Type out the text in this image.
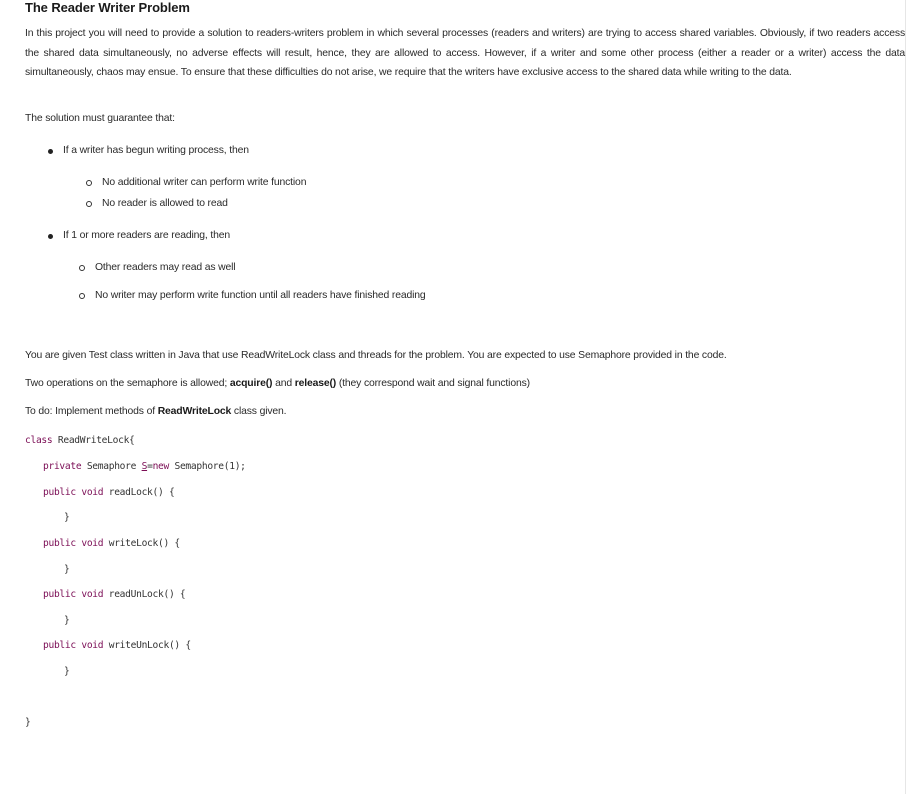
The Reader Writer Problem
In this project you will need to provide a solution to readers-writers problem in which several processes (readers and writers) are trying to access shared variables. Obviously, if two readers access the shared data simultaneously, no adverse effects will result, hence, they are allowed to access. However, if a writer and some other process (either a reader or a writer) access the data simultaneously, chaos may ensue. To ensure that these difficulties do not arise, we require that the writers have exclusive access to the shared data while writing to the data.
The solution must guarantee that:
If a writer has begun writing process, then
No additional writer can perform write function
No reader is allowed to read
If 1 or more readers are reading, then
Other readers may read as well
No writer may perform write function until all readers have finished reading
You are given Test class written in Java that use ReadWriteLock class and threads for the problem. You are expected to use Semaphore provided in the code.
Two operations on the semaphore is allowed; acquire() and release() (they correspond wait and signal functions)
To do: Implement methods of ReadWriteLock class given.
class ReadWriteLock{
private Semaphore S=new Semaphore(1);
public void readLock() {
}
public void writeLock() {
}
public void readUnLock() {
}
public void writeUnLock() {
}
}
